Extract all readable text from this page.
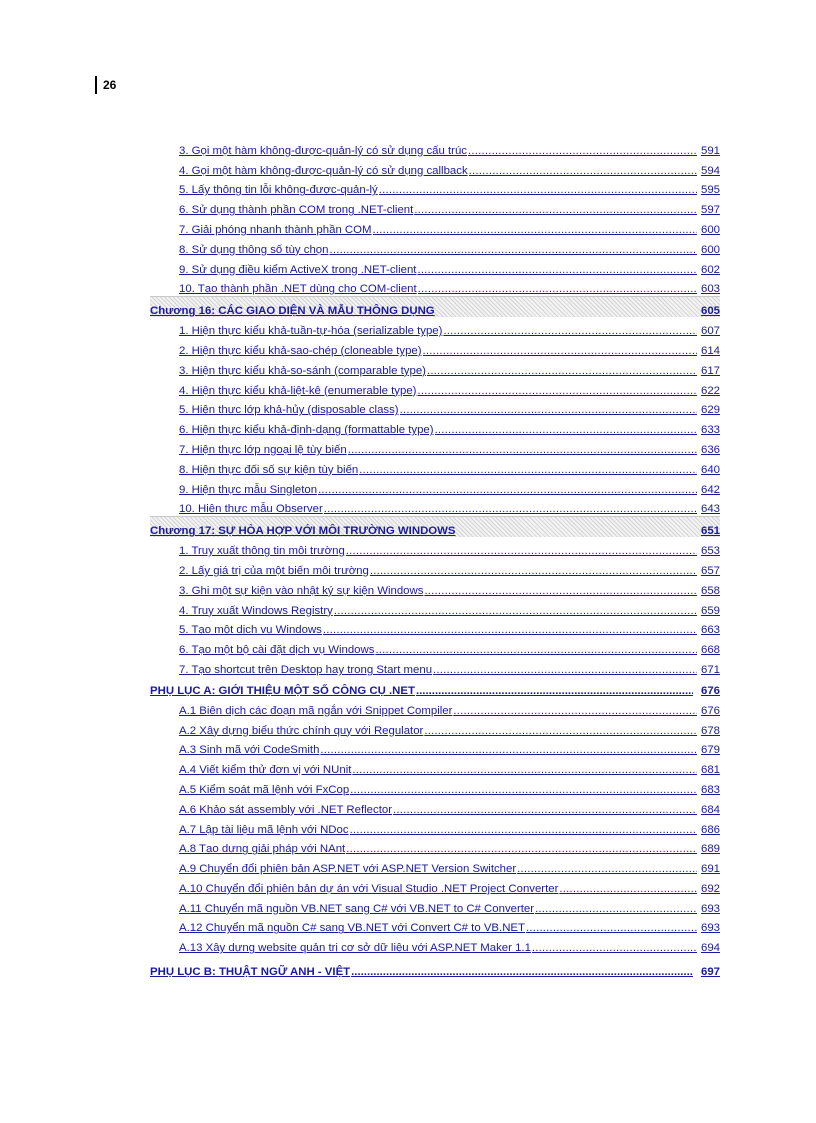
26
3. Gọi một hàm không-được-quản-lý có sử dụng cấu trúc .....	591
4. Gọi một hàm không-được-quản-lý có sử dụng callback .....	594
5. Lấy thông tin lỗi không-được-quản-lý .....	595
6. Sử dụng thành phần COM trong .NET-client .....	597
7. Giải phóng nhanh thành phần COM .....	600
8. Sử dụng thông số tùy chọn .....	600
9. Sử dụng điều kiểm ActiveX trong .NET-client .....	602
10. Tạo thành phần .NET dùng cho COM-client .....	603
Chương 16: CÁC GIAO DIỆN VÀ MẪU THÔNG DỤNG	605
1. Hiện thực kiểu khả-tuần-tự-hóa (serializable type) .....	607
2. Hiện thực kiểu khả-sao-chép (cloneable type) .....	614
3. Hiện thực kiểu khả-so-sánh (comparable type) .....	617
4. Hiện thực kiểu khả-liệt-kê (enumerable type) .....	622
5. Hiện thực lớp khả-hủy (disposable class) .....	629
6. Hiện thực kiểu khả-định-dạng (formattable type) .....	633
7. Hiện thực lớp ngoại lệ tùy biến .....	636
8. Hiện thực đối số sự kiện tùy biến .....	640
9. Hiện thực mẫu Singleton .....	642
10. Hiện thực mẫu Observer .....	643
Chương 17: SỰ HÒA HỢP VỚI MÔI TRƯỜNG WINDOWS	651
1. Truy xuất thông tin môi trường .....	653
2. Lấy giá trị của một biến môi trường .....	657
3. Ghi một sự kiện vào nhật ký sự kiện Windows .....	658
4. Truy xuất Windows Registry .....	659
5. Tạo một dịch vụ Windows .....	663
6. Tạo một bộ cài đặt dịch vụ Windows .....	668
7. Tạo shortcut trên Desktop hay trong Start menu .....	671
PHỤ LỤC A: GIỚI THIỆU MỘT SỐ CÔNG CỤ .NET .....	676
A.1 Biên dịch các đoạn mã ngắn với Snippet Compiler .....	676
A.2 Xây dựng biểu thức chính quy với Regulator .....	678
A.3 Sinh mã với CodeSmith .....	679
A.4 Viết kiểm thử đơn vị với NUnit .....	681
A.5 Kiểm soát mã lệnh với FxCop .....	683
A.6 Khảo sát assembly với .NET Reflector .....	684
A.7 Lập tài liệu mã lệnh với NDoc .....	686
A.8 Tạo dựng giải pháp với NAnt .....	689
A.9 Chuyển đổi phiên bản ASP.NET với ASP.NET Version Switcher .....	691
A.10 Chuyển đổi phiên bản dự án với Visual Studio .NET Project Converter .....	692
A.11 Chuyển mã nguồn VB.NET sang C# với VB.NET to C# Converter .....	693
A.12 Chuyển mã nguồn C# sang VB.NET với Convert C# to VB.NET .....	693
A.13 Xây dựng website quản trị cơ sở dữ liệu với ASP.NET Maker 1.1 .....	694
PHỤ LỤC B: THUẬT NGỮ ANH - VIỆT .....	697
